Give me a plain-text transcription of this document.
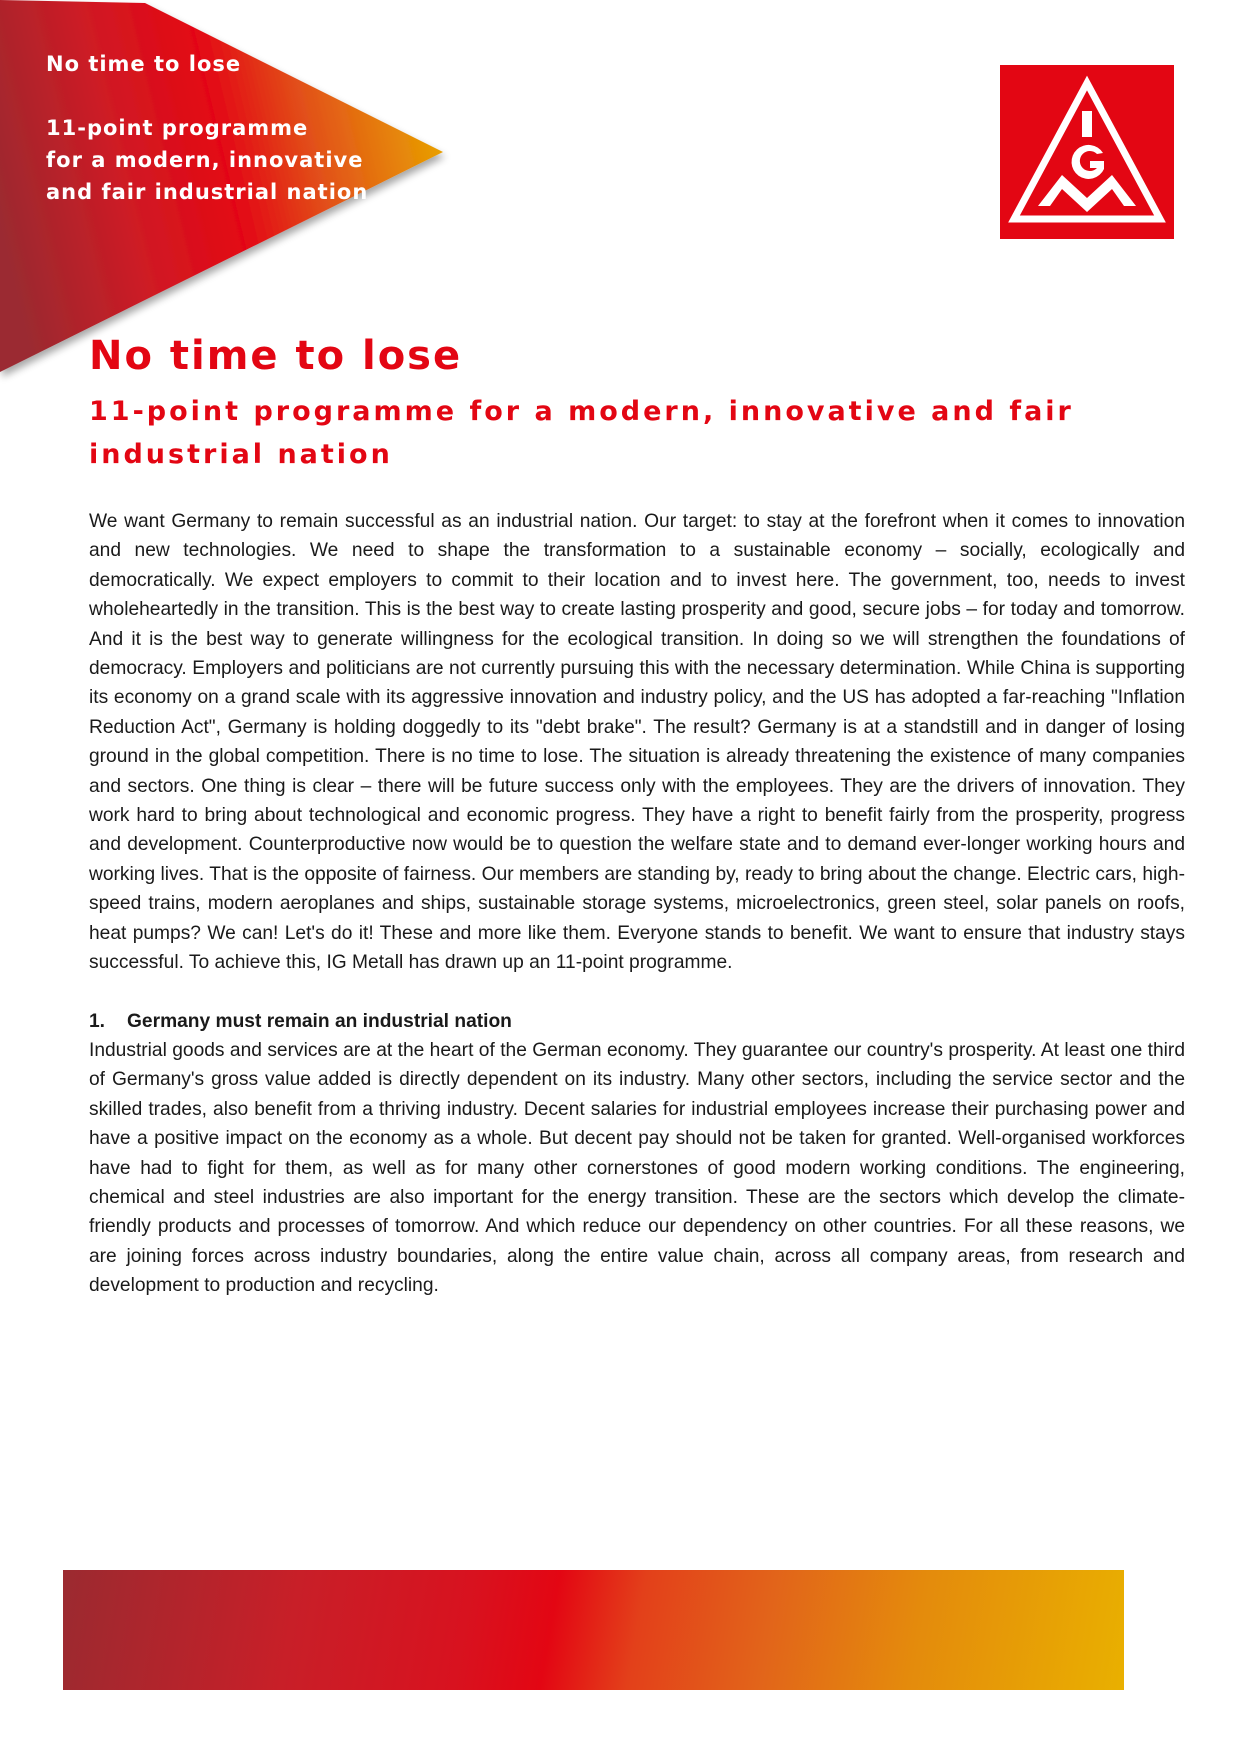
No time to lose
11-point programme
for a modern, innovative
and fair industrial nation
No time to lose
11-point programme for a modern, innovative and fair industrial nation

We want Germany to remain successful as an industrial nation. Our target: to stay at the forefront when it comes to innovation and new technologies. We need to shape the transformation to a sustainable economy – socially, ecologically and democratically. We expect employers to commit to their location and to invest here. The government, too, needs to invest wholeheartedly in the transition. This is the best way to create lasting prosperity and good, secure jobs – for today and tomorrow. And it is the best way to generate willingness for the ecological transition. In doing so we will strengthen the foundations of democracy. Employers and politicians are not currently pursuing this with the necessary determination. While China is supporting its economy on a grand scale with its aggressive innovation and industry policy, and the US has adopted a far-reaching "Inflation Reduction Act", Germany is holding doggedly to its "debt brake". The result? Germany is at a standstill and in danger of losing ground in the global competition. There is no time to lose. The situation is already threatening the existence of many companies and sectors. One thing is clear – there will be future success only with the employees. They are the drivers of innovation. They work hard to bring about technological and economic progress. They have a right to benefit fairly from the prosperity, progress and development. Counterproductive now would be to question the welfare state and to demand ever-longer working hours and working lives. That is the opposite of fairness. Our members are standing by, ready to bring about the change. Electric cars, high-speed trains, modern aeroplanes and ships, sustainable storage systems, microelectronics, green steel, solar panels on roofs, heat pumps? We can! Let's do it! These and more like them. Everyone stands to benefit. We want to ensure that industry stays successful. To achieve this, IG Metall has drawn up an 11-point programme.

1. Germany must remain an industrial nation

Industrial goods and services are at the heart of the German economy. They guarantee our country's prosperity. At least one third of Germany's gross value added is directly dependent on its industry. Many other sectors, including the service sector and the skilled trades, also benefit from a thriving industry. Decent salaries for industrial employees increase their purchasing power and have a positive impact on the economy as a whole. But decent pay should not be taken for granted. Well-organised workforces have had to fight for them, as well as for many other cornerstones of good modern working conditions. The engineering, chemical and steel industries are also important for the energy transition. These are the sectors which develop the climate-friendly products and processes of tomorrow. And which reduce our dependency on other countries. For all these reasons, we are joining forces across industry boundaries, along the entire value chain, across all company areas, from research and development to production and recycling.
